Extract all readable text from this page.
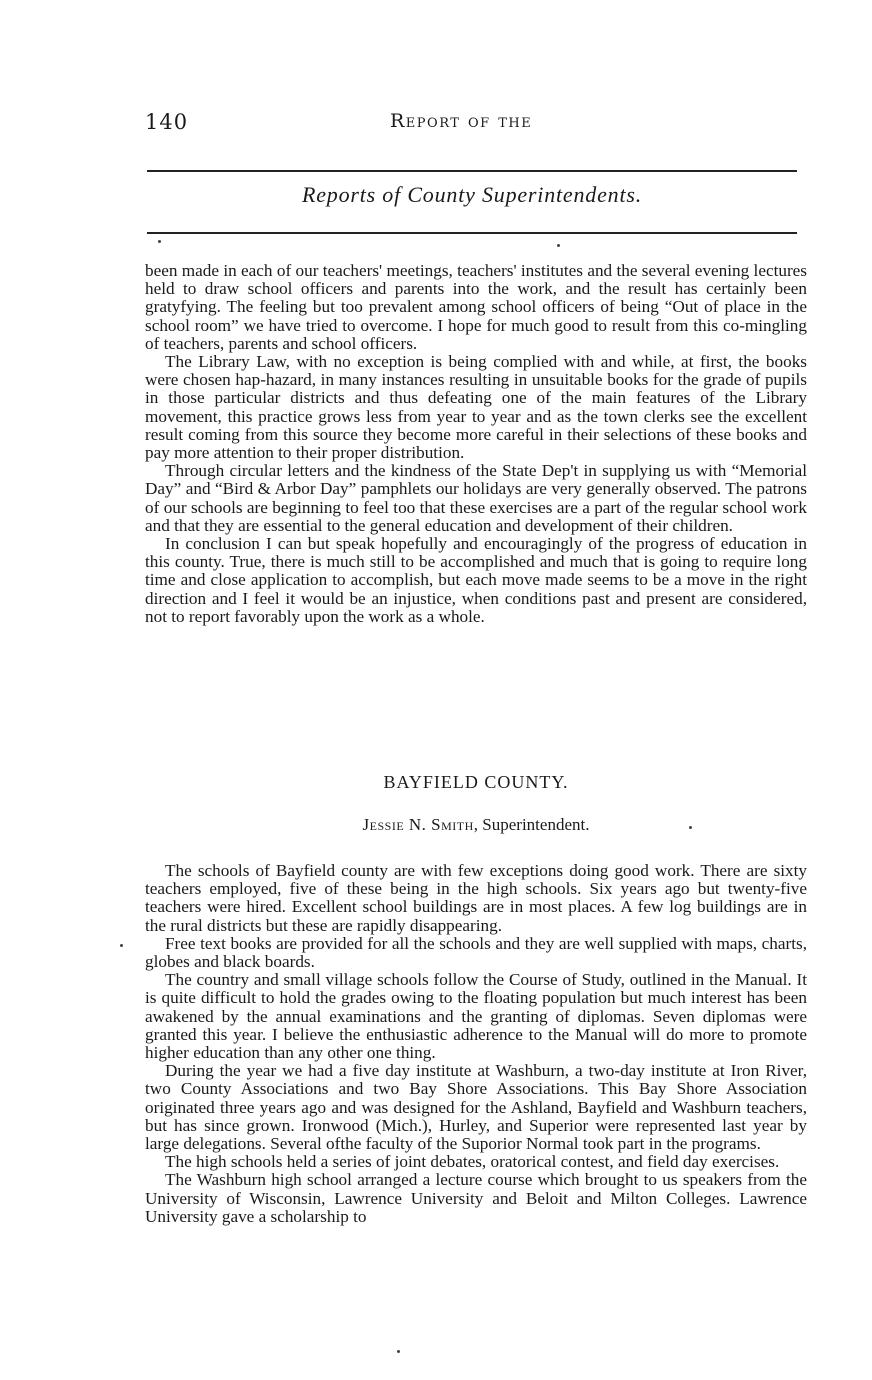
140	Report of the
Reports of County Superintendents.

been made in each of our teachers' meetings, teachers' institutes and the several evening lectures held to draw school officers and parents into the work, and the result has certainly been gratyfying. The feeling but too prevalent among school officers of being “Out of place in the school room” we have tried to overcome. I hope for much good to result from this co-mingling of teachers, parents and school officers.

The Library Law, with no exception is being complied with and while, at first, the books were chosen hap-hazard, in many instances resulting in unsuitable books for the grade of pupils in those particular districts and thus defeating one of the main features of the Library movement, this practice grows less from year to year and as the town clerks see the excellent result coming from this source they become more careful in their selections of these books and pay more attention to their proper distribution.

Through circular letters and the kindness of the State Dep't in supplying us with “Memorial Day” and “Bird & Arbor Day” pamphlets our holidays are very generally observed. The patrons of our schools are beginning to feel too that these exercises are a part of the regular school work and that they are essential to the general education and development of their children.

In conclusion I can but speak hopefully and encouragingly of the progress of education in this county. True, there is much still to be accomplished and much that is going to require long time and close application to accomplish, but each move made seems to be a move in the right direction and I feel it would be an injustice, when conditions past and present are considered, not to report favorably upon the work as a whole.

BAYFIELD COUNTY.
Jessie N. Smith, Superintendent.

The schools of Bayfield county are with few exceptions doing good work. There are sixty teachers employed, five of these being in the high schools. Six years ago but twenty-five teachers were hired. Excellent school buildings are in most places. A few log buildings are in the rural districts but these are rapidly disappearing.

Free text books are provided for all the schools and they are well supplied with maps, charts, globes and black boards.

The country and small village schools follow the Course of Study, outlined in the Manual. It is quite difficult to hold the grades owing to the floating population but much interest has been awakened by the annual examinations and the granting of diplomas. Seven diplomas were granted this year. I believe the enthusiastic adherence to the Manual will do more to promote higher education than any other one thing.

During the year we had a five day institute at Washburn, a two-day institute at Iron River, two County Associations and two Bay Shore Associations. This Bay Shore Association originated three years ago and was designed for the Ashland, Bayfield and Washburn teachers, but has since grown. Ironwood (Mich.), Hurley, and Superior were represented last year by large delegations. Several ofthe faculty of the Suporior Normal took part in the programs.

The high schools held a series of joint debates, oratorical contest, and field day exercises.

The Washburn high school arranged a lecture course which brought to us speakers from the University of Wisconsin, Lawrence University and Beloit and Milton Colleges. Lawrence University gave a scholarship to
